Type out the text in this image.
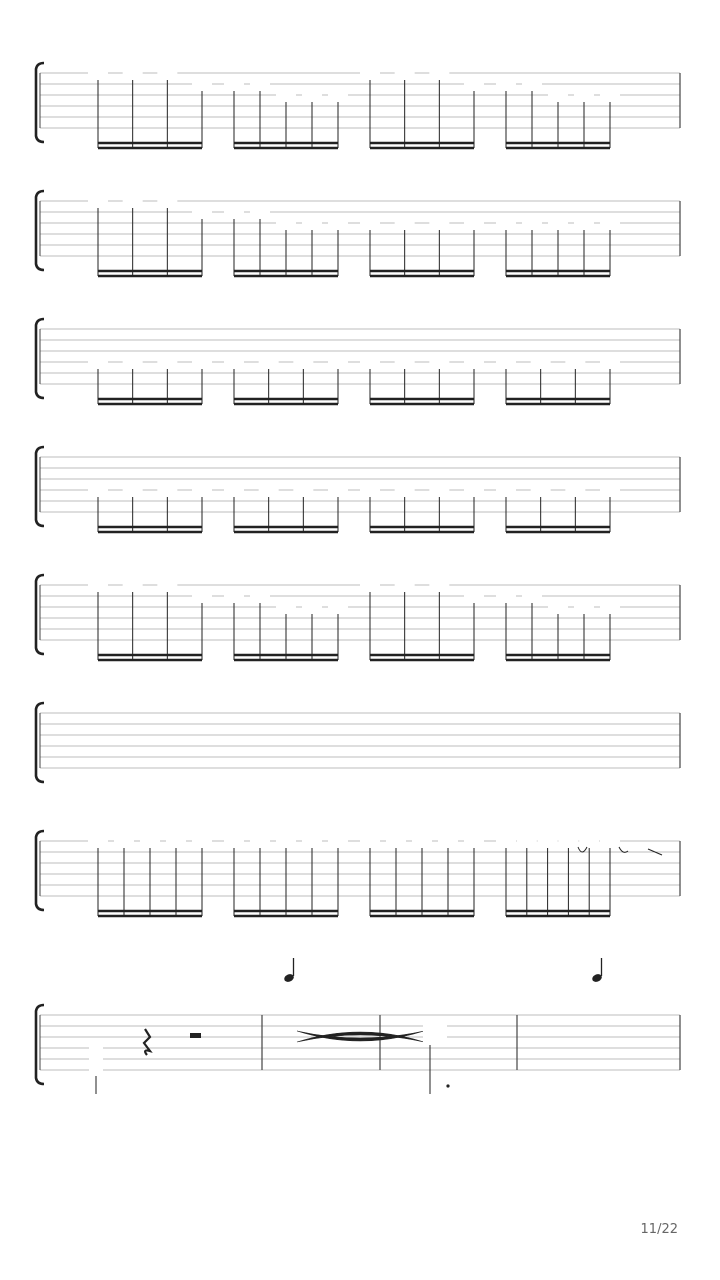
11/22
